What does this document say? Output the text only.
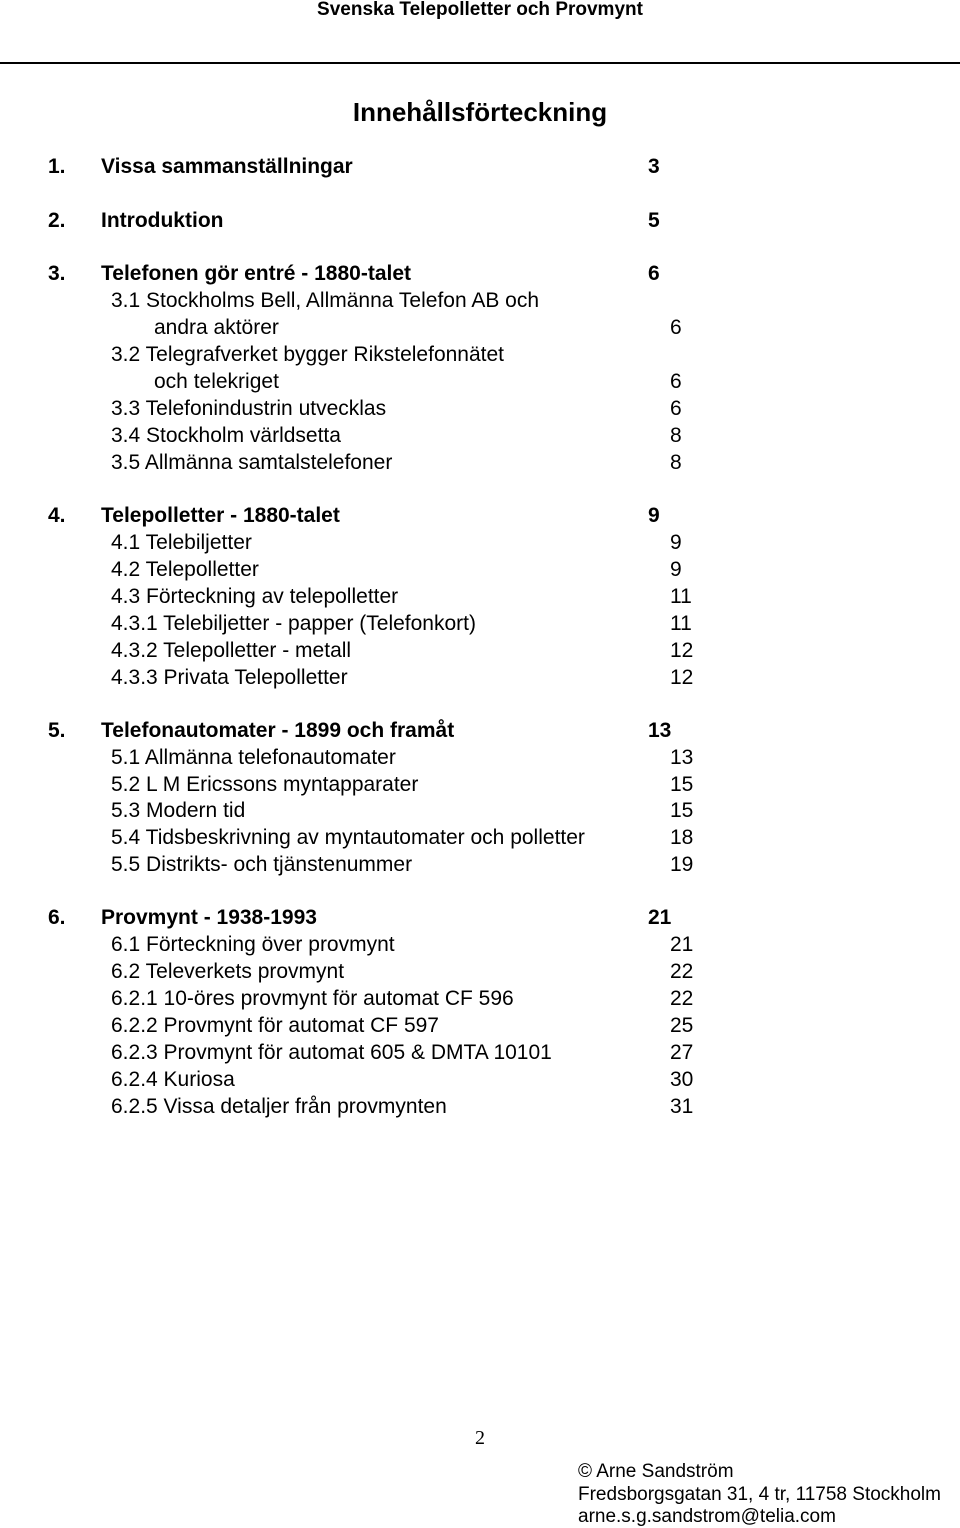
Svenska Telepolletter och Provmynt
Innehållsförteckning
1. Vissa sammanställningar	3
2. Introduktion	5
3. Telefonen gör entré - 1880-talet	6
3.1 Stockholms Bell, Allmänna Telefon AB och
andra aktörer	6
3.2 Telegrafverket bygger Rikstelefonnätet
och telekriget	6
3.3 Telefonindustrin utvecklas	6
3.4 Stockholm världsetta	8
3.5 Allmänna samtalstelefoner	8
4. Telepolletter - 1880-talet	9
4.1 Telebiljetter	9
4.2 Telepolletter	9
4.3 Förteckning av telepolletter	11
4.3.1 Telebiljetter - papper (Telefonkort)	11
4.3.2 Telepolletter - metall	12
4.3.3 Privata Telepolletter	12
5. Telefonautomater - 1899 och framåt	13
5.1 Allmänna telefonautomater	13
5.2 L M Ericssons myntapparater	15
5.3 Modern tid	15
5.4 Tidsbeskrivning av myntautomater och polletter	18
5.5 Distrikts- och tjänstenummer	19
6. Provmynt - 1938-1993	21
6.1 Förteckning över provmynt	21
6.2 Televerkets provmynt	22
6.2.1 10-öres provmynt för automat CF 596	22
6.2.2 Provmynt för automat CF 597	25
6.2.3 Provmynt för automat 605 & DMTA 10101	27
6.2.4 Kuriosa	30
6.2.5 Vissa detaljer från provmynten	31
2
© Arne Sandström
Fredsborgsgatan 31, 4 tr, 11758 Stockholm
arne.s.g.sandstrom@telia.com
